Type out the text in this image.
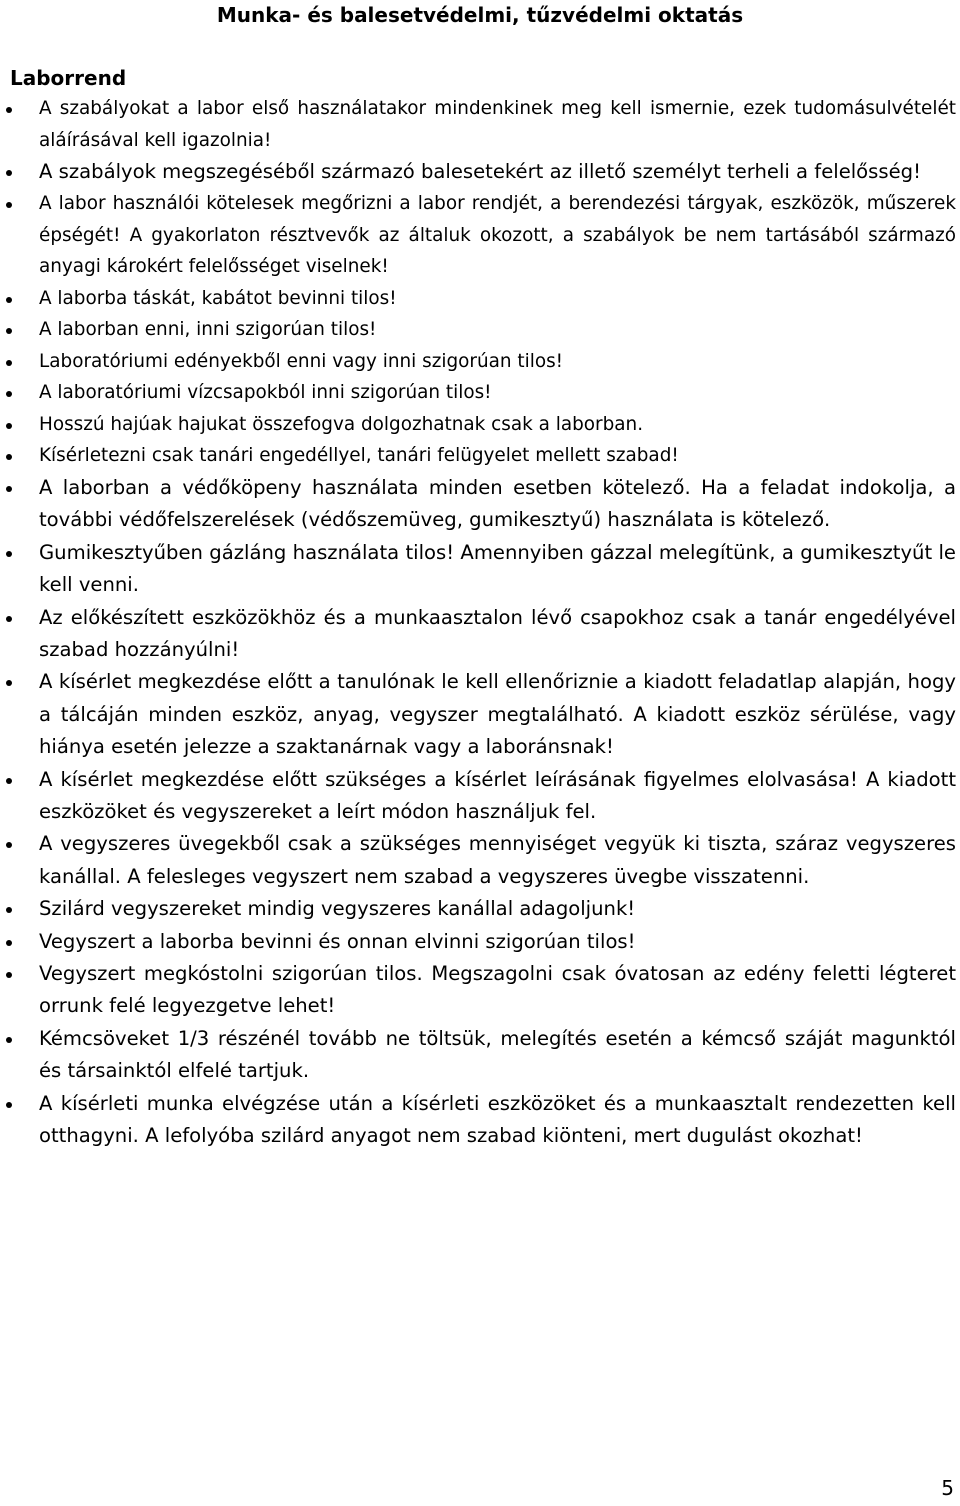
Munka- és balesetvédelmi, tűzvédelmi oktatás
Laborrend
A szabályokat a labor első használatakor mindenkinek meg kell ismernie, ezek tudomásulvételét aláírásával kell igazolnia!
A szabályok megszegéséből származó balesetekért az illető személyt terheli a felelősség!
A labor használói kötelesek megőrizni a labor rendjét, a berendezési tárgyak, eszközök, műszerek épségét! A gyakorlaton résztvevők az általuk okozott, a szabályok be nem tartásából származó anyagi károkért felelősséget viselnek!
A laborba táskát, kabátot bevinni tilos!
A laborban enni, inni szigorúan tilos!
Laboratóriumi edényekből enni vagy inni szigorúan tilos!
A laboratóriumi vízcsapokból inni szigorúan tilos!
Hosszú hajúak hajukat összefogva dolgozhatnak csak a laborban.
Kísérletezni csak tanári engedéllyel, tanári felügyelet mellett szabad!
A laborban a védőköpeny használata minden esetben kötelező. Ha a feladat indokolja, a további védőfelszerelések (védőszemüveg, gumikesztyű) használata is kötelező.
Gumikesztyűben gázláng használata tilos! Amennyiben gázzal melegítünk, a gumikesztyűt le kell venni.
Az előkészített eszközökhöz és a munkaasztalon lévő csapokhoz csak a tanár engedélyével szabad hozzányúlni!
A kísérlet megkezdése előtt a tanulónak le kell ellenőriznie a kiadott feladatlap alapján, hogy a tálcáján minden eszköz, anyag, vegyszer megtalálható. A kiadott eszköz sérülése, vagy hiánya esetén jelezze a szaktanárnak vagy a laboránsnak!
A kísérlet megkezdése előtt szükséges a kísérlet leírásának figyelmes elolvasása! A kiadott eszközöket és vegyszereket a leírt módon használjuk fel.
A vegyszeres üvegekből csak a szükséges mennyiséget vegyük ki tiszta, száraz vegyszeres kanállal. A felesleges vegyszert nem szabad a vegyszeres üvegbe visszatenni.
Szilárd vegyszereket mindig vegyszeres kanállal adagoljunk!
Vegyszert a laborba bevinni és onnan elvinni szigorúan tilos!
Vegyszert megkóstolni szigorúan tilos. Megszagolni csak óvatosan az edény feletti légteret orrunk felé legyezgetve lehet!
Kémcsöveket 1/3 részénél tovább ne töltsük, melegítés esetén a kémcső száját magunktól és társainktól elfelé tartjuk.
A kísérleti munka elvégzése után a kísérleti eszközöket és a munkaasztalt rendezetten kell otthagyni. A lefolyóba szilárd anyagot nem szabad kiönteni, mert dugulást okozhat!

5
